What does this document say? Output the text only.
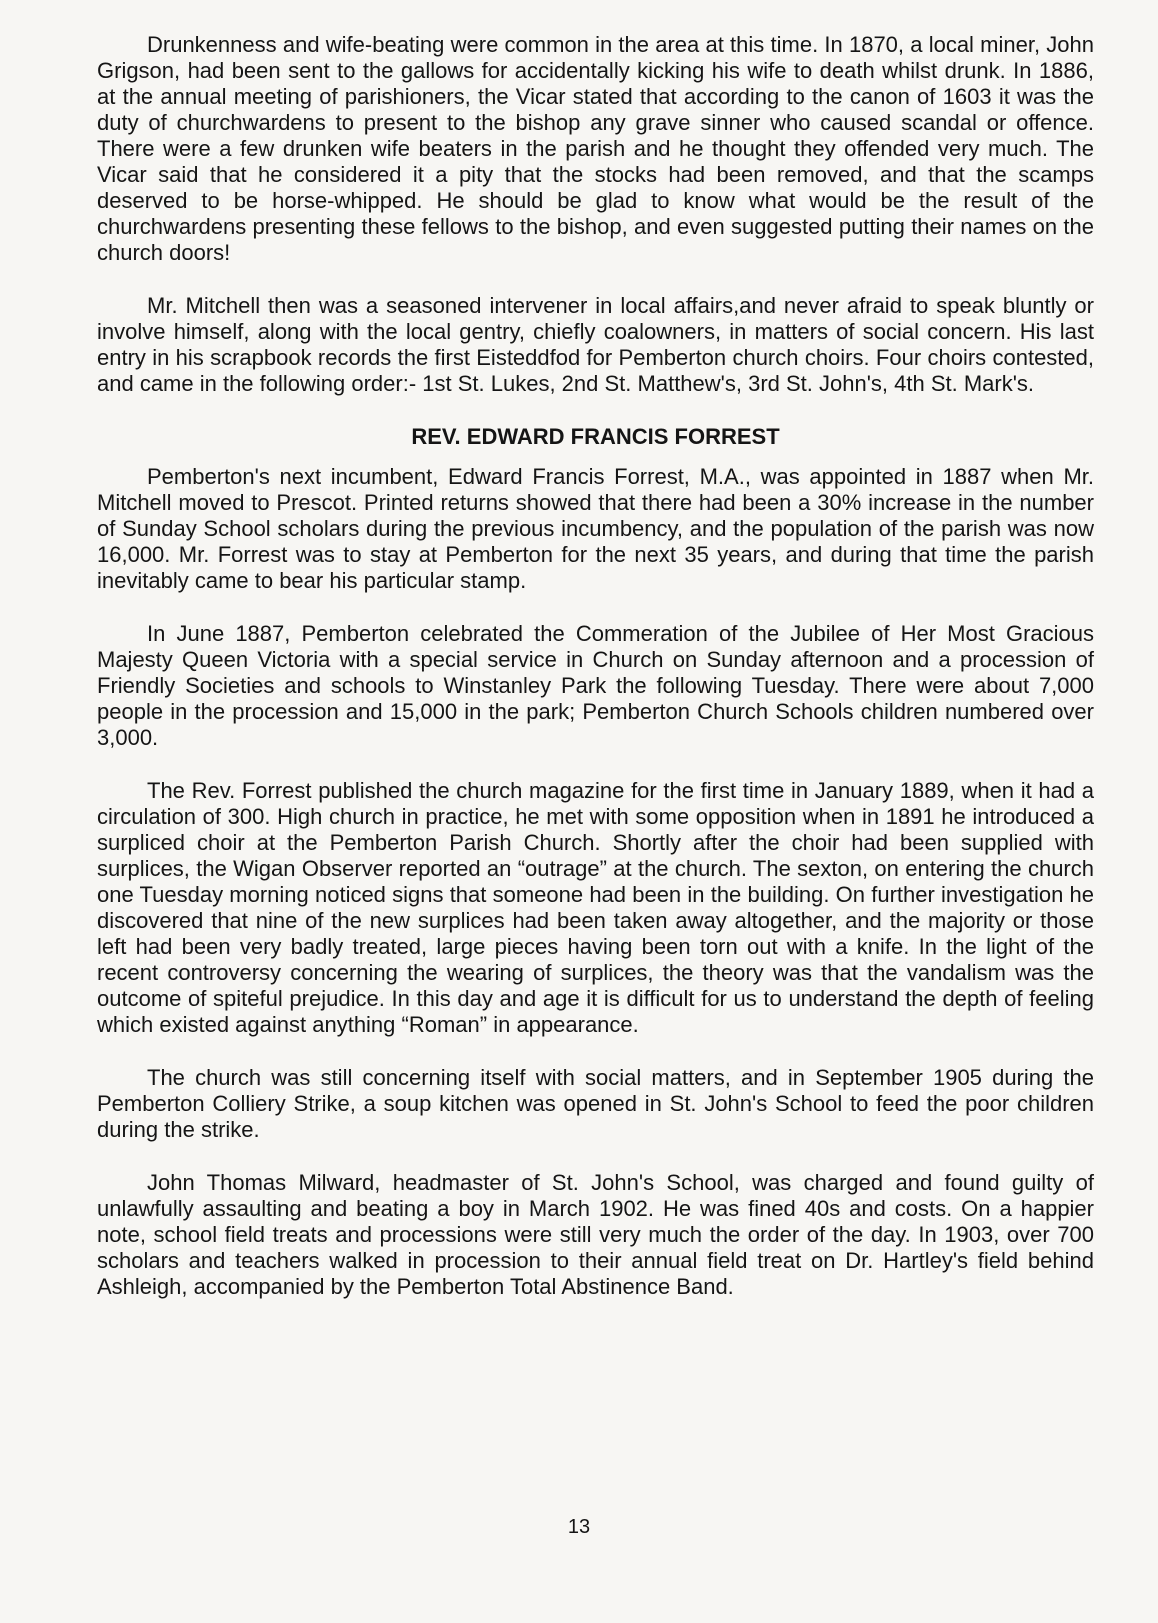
Drunkenness and wife-beating were common in the area at this time. In 1870, a local miner, John Grigson, had been sent to the gallows for accidentally kicking his wife to death whilst drunk. In 1886, at the annual meeting of parishioners, the Vicar stated that according to the canon of 1603 it was the duty of churchwardens to present to the bishop any grave sinner who caused scandal or offence. There were a few drunken wife beaters in the parish and he thought they offended very much. The Vicar said that he considered it a pity that the stocks had been removed, and that the scamps deserved to be horse-whipped. He should be glad to know what would be the result of the churchwardens presenting these fellows to the bishop, and even suggested putting their names on the church doors!

Mr. Mitchell then was a seasoned intervener in local affairs,and never afraid to speak bluntly or involve himself, along with the local gentry, chiefly coalowners, in matters of social concern. His last entry in his scrapbook records the first Eisteddfod for Pemberton church choirs. Four choirs contested, and came in the following order:- 1st St. Lukes, 2nd St. Matthew's, 3rd St. John's, 4th St. Mark's.

REV. EDWARD FRANCIS FORREST

Pemberton's next incumbent, Edward Francis Forrest, M.A., was appointed in 1887 when Mr. Mitchell moved to Prescot. Printed returns showed that there had been a 30% increase in the number of Sunday School scholars during the previous incumbency, and the population of the parish was now 16,000. Mr. Forrest was to stay at Pemberton for the next 35 years, and during that time the parish inevitably came to bear his particular stamp.

In June 1887, Pemberton celebrated the Commeration of the Jubilee of Her Most Gracious Majesty Queen Victoria with a special service in Church on Sunday afternoon and a procession of Friendly Societies and schools to Winstanley Park the following Tuesday. There were about 7,000 people in the procession and 15,000 in the park; Pemberton Church Schools children numbered over 3,000.

The Rev. Forrest published the church magazine for the first time in January 1889, when it had a circulation of 300. High church in practice, he met with some opposition when in 1891 he introduced a surpliced choir at the Pemberton Parish Church. Shortly after the choir had been supplied with surplices, the Wigan Observer reported an “outrage” at the church. The sexton, on entering the church one Tuesday morning noticed signs that someone had been in the building. On further investigation he discovered that nine of the new surplices had been taken away altogether, and the majority or those left had been very badly treated, large pieces having been torn out with a knife. In the light of the recent controversy concerning the wearing of surplices, the theory was that the vandalism was the outcome of spiteful prejudice. In this day and age it is difficult for us to understand the depth of feeling which existed against anything “Roman” in appearance.

The church was still concerning itself with social matters, and in September 1905 during the Pemberton Colliery Strike, a soup kitchen was opened in St. John's School to feed the poor children during the strike.

John Thomas Milward, headmaster of St. John's School, was charged and found guilty of unlawfully assaulting and beating a boy in March 1902. He was fined 40s and costs. On a happier note, school field treats and processions were still very much the order of the day. In 1903, over 700 scholars and teachers walked in procession to their annual field treat on Dr. Hartley's field behind Ashleigh, accompanied by the Pemberton Total Abstinence Band.

13
